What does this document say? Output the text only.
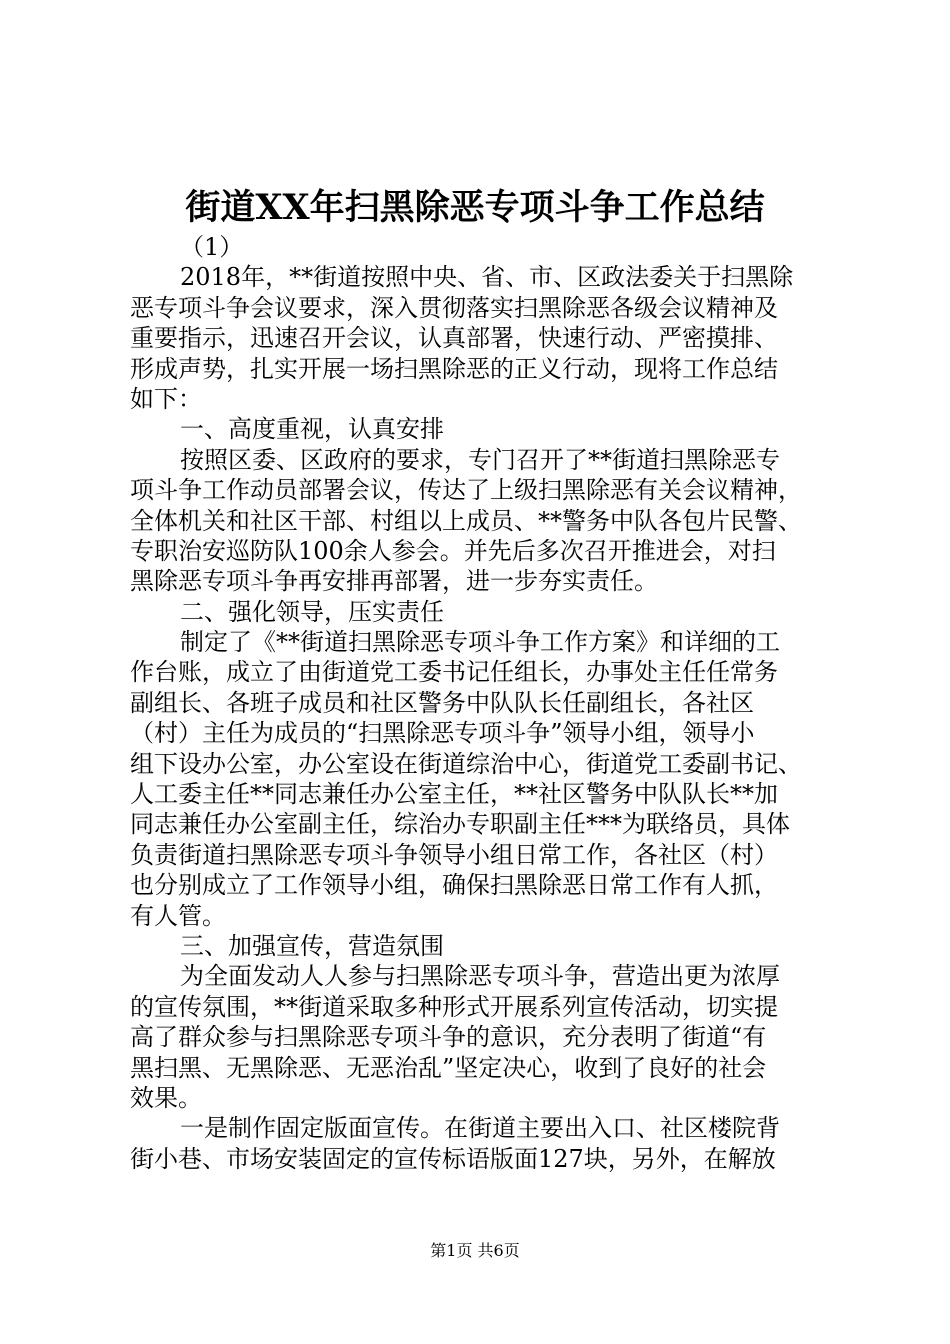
街道XX年扫黑除恶专项斗争工作总结
（1）
2018年，**街道按照中央、省、市、区政法委关于扫黑除
恶专项斗争会议要求，深入贯彻落实扫黑除恶各级会议精神及
重要指示，迅速召开会议，认真部署，快速行动、严密摸排、
形成声势，扎实开展一场扫黑除恶的正义行动，现将工作总结
如下：
一、高度重视，认真安排
按照区委、区政府的要求，专门召开了**街道扫黑除恶专
项斗争工作动员部署会议，传达了上级扫黑除恶有关会议精神，
全体机关和社区干部、村组以上成员、**警务中队各包片民警、
专职治安巡防队100余人参会。并先后多次召开推进会，对扫
黑除恶专项斗争再安排再部署，进一步夯实责任。
二、强化领导，压实责任
制定了《**街道扫黑除恶专项斗争工作方案》和详细的工
作台账，成立了由街道党工委书记任组长，办事处主任任常务
副组长、各班子成员和社区警务中队队长任副组长，各社区
（村）主任为成员的“扫黑除恶专项斗争”领导小组，领导小
组下设办公室，办公室设在街道综治中心，街道党工委副书记、
人工委主任**同志兼任办公室主任，**社区警务中队队长**加
同志兼任办公室副主任，综治办专职副主任***为联络员，具体
负责街道扫黑除恶专项斗争领导小组日常工作，各社区（村）
也分别成立了工作领导小组，确保扫黑除恶日常工作有人抓，
有人管。
三、加强宣传，营造氛围
为全面发动人人参与扫黑除恶专项斗争，营造出更为浓厚
的宣传氛围，**街道采取多种形式开展系列宣传活动，切实提
高了群众参与扫黑除恶专项斗争的意识，充分表明了街道“有
黑扫黑、无黑除恶、无恶治乱”坚定决心，收到了良好的社会
效果。
一是制作固定版面宣传。在街道主要出入口、社区楼院背
街小巷、市场安装固定的宣传标语版面127块，另外，在解放
第1页 共6页
